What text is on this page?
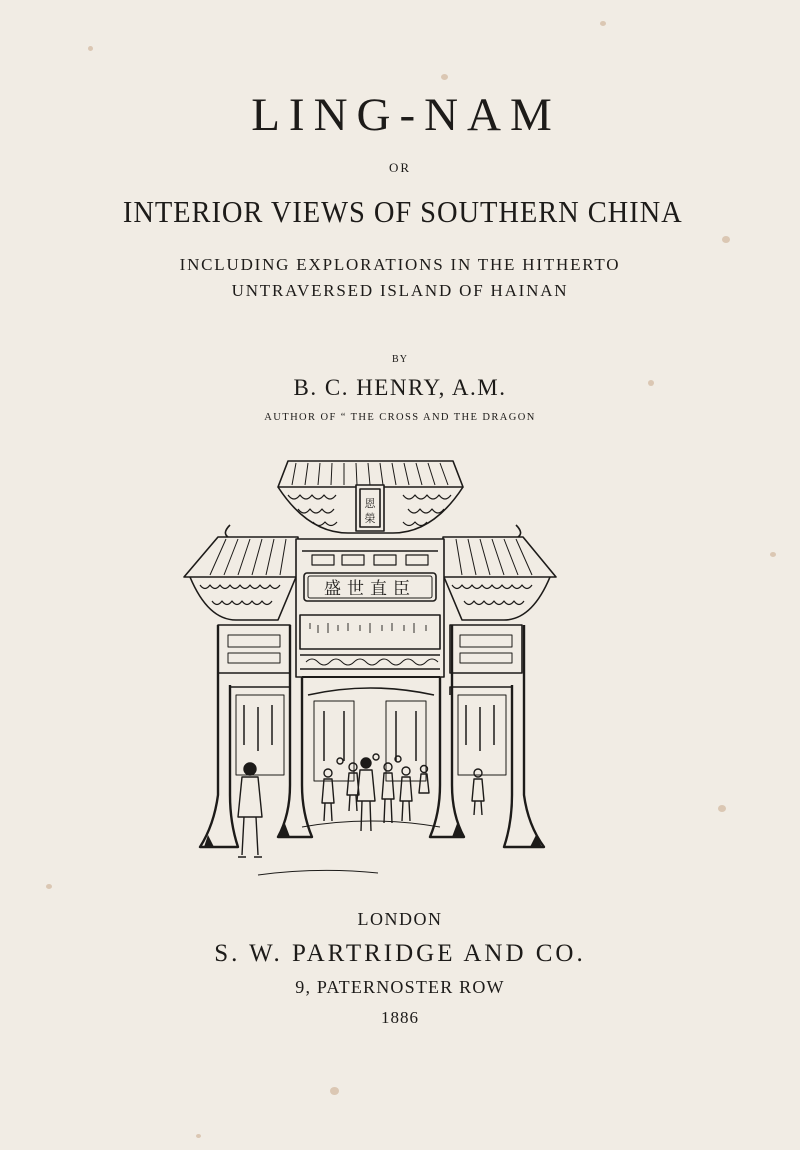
LING-NAM
OR
INTERIOR VIEWS OF SOUTHERN CHINA
INCLUDING EXPLORATIONS IN THE HITHERTO
UNTRAVERSED ISLAND OF HAINAN
BY
B. C. HENRY, A.M.
AUTHOR OF “ THE CROSS AND THE DRAGON
恩
榮
盛世直臣
LONDON
S. W. PARTRIDGE AND CO.
9, PATERNOSTER ROW
1886
